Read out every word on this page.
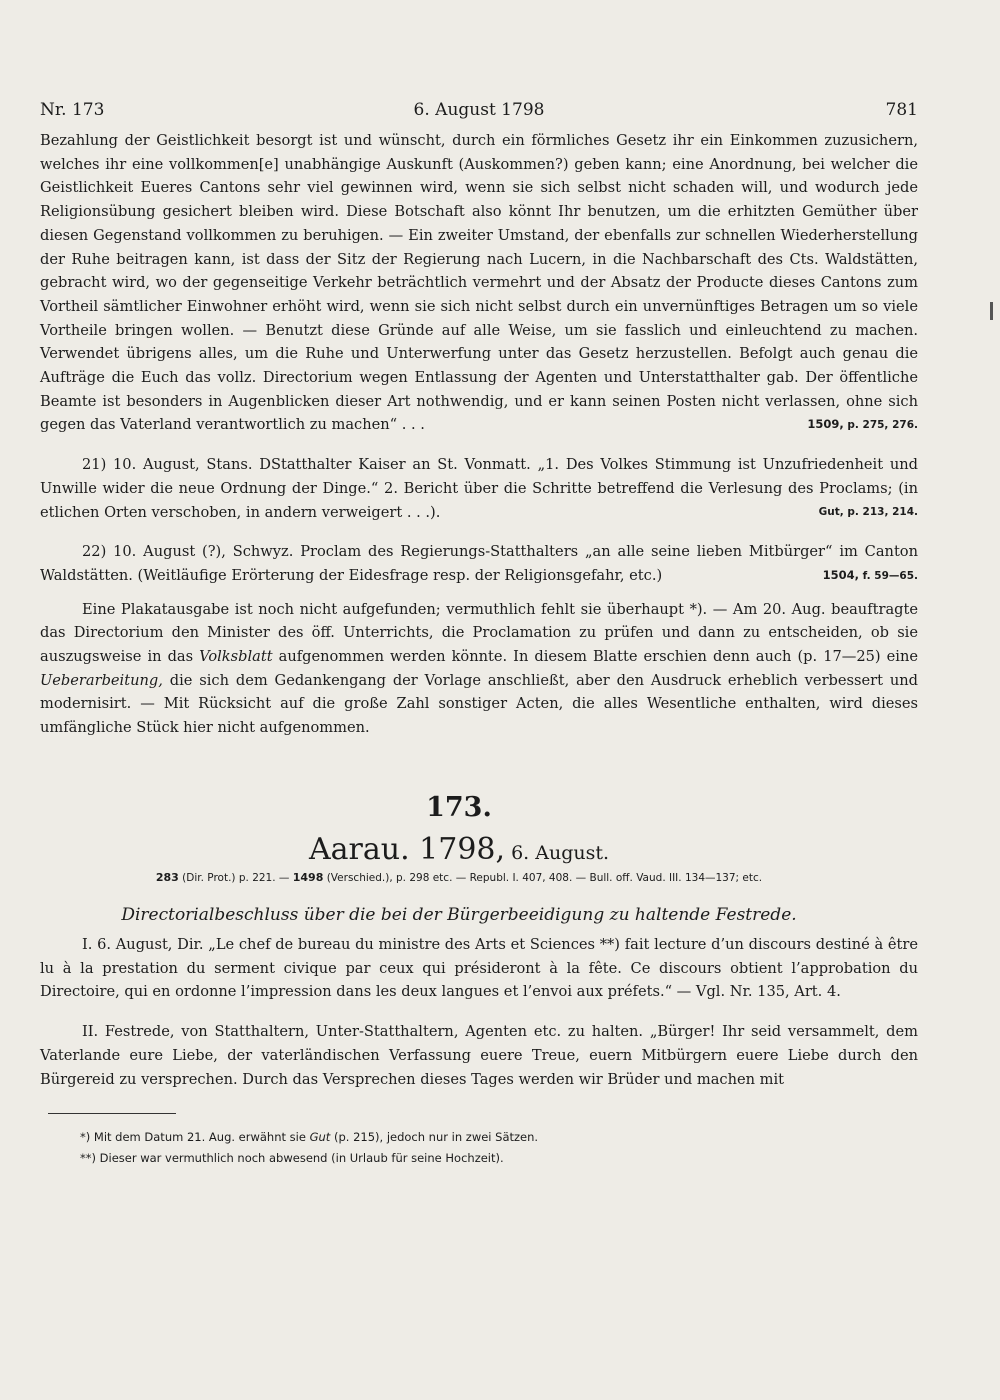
Nr. 173	6. August 1798	781

Bezahlung der Geistlichkeit besorgt ist und wünscht, durch ein förmliches Gesetz ihr ein Einkommen zuzusichern, welches ihr eine vollkommen[e] unabhängige Auskunft (Auskommen?) geben kann; eine Anordnung, bei welcher die Geistlichkeit Eueres Cantons sehr viel gewinnen wird, wenn sie sich selbst nicht schaden will, und wodurch jede Religionsübung gesichert bleiben wird. Diese Botschaft also könnt Ihr benutzen, um die erhitzten Gemüther über diesen Gegenstand vollkommen zu beruhigen. — Ein zweiter Umstand, der ebenfalls zur schnellen Wiederherstellung der Ruhe beitragen kann, ist dass der Sitz der Regierung nach Lucern, in die Nachbarschaft des Cts. Waldstätten, gebracht wird, wo der gegenseitige Verkehr beträchtlich vermehrt und der Absatz der Producte dieses Cantons zum Vortheil sämtlicher Einwohner erhöht wird, wenn sie sich nicht selbst durch ein unvernünftiges Betragen um so viele Vortheile bringen wollen. — Benutzt diese Gründe auf alle Weise, um sie fasslich und einleuchtend zu machen. Verwendet übrigens alles, um die Ruhe und Unterwerfung unter das Gesetz herzustellen. Befolgt auch genau die Aufträge die Euch das vollz. Directorium wegen Entlassung der Agenten und Unterstatthalter gab. Der öffentliche Beamte ist besonders in Augenblicken dieser Art nothwendig, und er kann seinen Posten nicht verlassen, ohne sich gegen das Vaterland verantwortlich zu machen“ . . .	1509, p. 275, 276.

21) 10. August, Stans. DStatthalter Kaiser an St. Vonmatt. „1. Des Volkes Stimmung ist Unzufriedenheit und Unwille wider die neue Ordnung der Dinge.“ 2. Bericht über die Schritte betreffend die Verlesung des Proclams; (in etlichen Orten verschoben, in andern verweigert . . .).	Gut, p. 213, 214.

22) 10. August (?), Schwyz. Proclam des Regierungs-Statthalters „an alle seine lieben Mitbürger“ im Canton Waldstätten. (Weitläufige Erörterung der Eidesfrage resp. der Religionsgefahr, etc.)	1504, f. 59—65.

Eine Plakatausgabe ist noch nicht aufgefunden; vermuthlich fehlt sie überhaupt *). — Am 20. Aug. beauftragte das Directorium den Minister des öff. Unterrichts, die Proclamation zu prüfen und dann zu entscheiden, ob sie auszugsweise in das Volksblatt aufgenommen werden könnte. In diesem Blatte erschien denn auch (p. 17—25) eine Ueberarbeitung, die sich dem Gedankengang der Vorlage anschließt, aber den Ausdruck erheblich verbessert und modernisirt. — Mit Rücksicht auf die große Zahl sonstiger Acten, die alles Wesentliche enthalten, wird dieses umfängliche Stück hier nicht aufgenommen.

173.
Aarau. 1798, 6. August.
283 (Dir. Prot.) p. 221. — 1498 (Verschied.), p. 298 etc. — Republ. I. 407, 408. — Bull. off. Vaud. III. 134—137; etc.
Directorialbeschluss über die bei der Bürgerbeeidigung zu haltende Festrede.

I. 6. August, Dir. „Le chef de bureau du ministre des Arts et Sciences **) fait lecture d’un discours destiné à être lu à la prestation du serment civique par ceux qui présideront à la fête. Ce discours obtient l’approbation du Directoire, qui en ordonne l’impression dans les deux langues et l’envoi aux préfets.“ — Vgl. Nr. 135, Art. 4.

II. Festrede, von Statthaltern, Unter-Statthaltern, Agenten etc. zu halten. „Bürger! Ihr seid versammelt, dem Vaterlande eure Liebe, der vaterländischen Verfassung euere Treue, euern Mitbürgern euere Liebe durch den Bürgereid zu versprechen. Durch das Versprechen dieses Tages werden wir Brüder und machen mit

*) Mit dem Datum 21. Aug. erwähnt sie Gut (p. 215), jedoch nur in zwei Sätzen.

**) Dieser war vermuthlich noch abwesend (in Urlaub für seine Hochzeit).
